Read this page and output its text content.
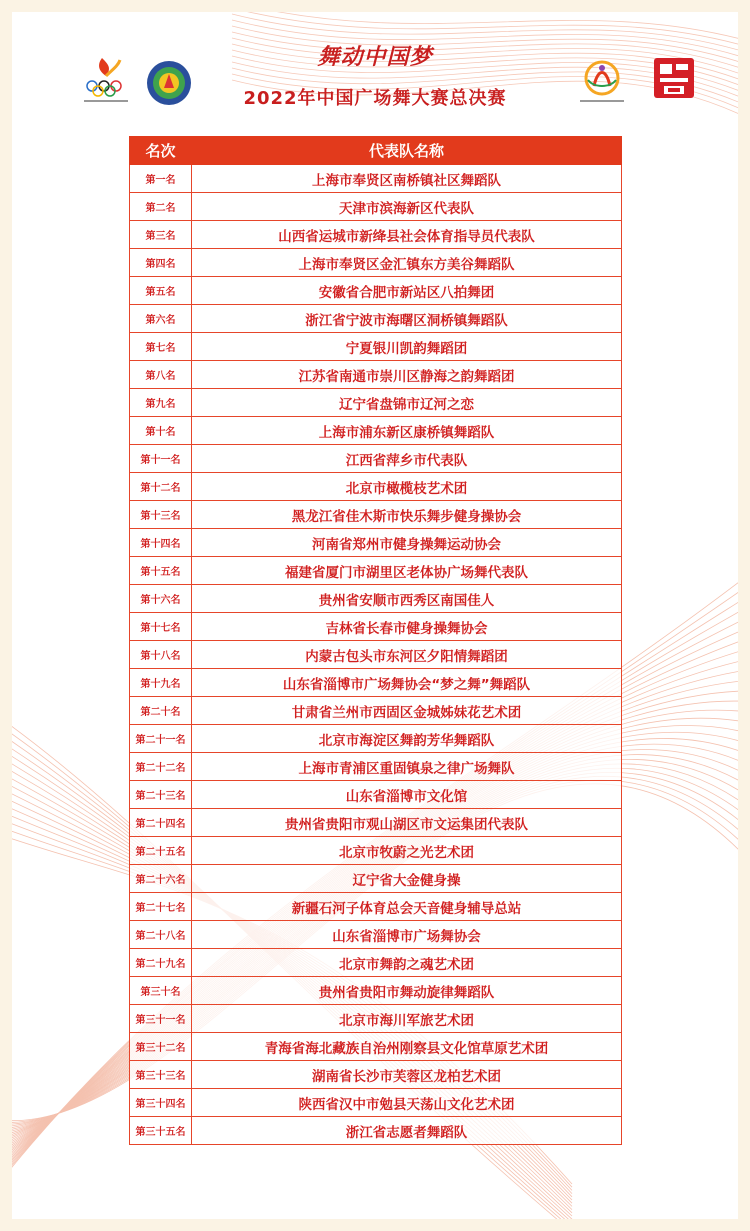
舞动中国梦
2022年中国广场舞大赛总决赛
名次	代表队名称
第一名	上海市奉贤区南桥镇社区舞蹈队
第二名	天津市滨海新区代表队
第三名	山西省运城市新绛县社会体育指导员代表队
第四名	上海市奉贤区金汇镇东方美谷舞蹈队
第五名	安徽省合肥市新站区八拍舞团
第六名	浙江省宁波市海曙区洞桥镇舞蹈队
第七名	宁夏银川凯韵舞蹈团
第八名	江苏省南通市崇川区静海之韵舞蹈团
第九名	辽宁省盘锦市辽河之恋
第十名	上海市浦东新区康桥镇舞蹈队
第十一名	江西省萍乡市代表队
第十二名	北京市橄榄枝艺术团
第十三名	黑龙江省佳木斯市快乐舞步健身操协会
第十四名	河南省郑州市健身操舞运动协会
第十五名	福建省厦门市湖里区老体协广场舞代表队
第十六名	贵州省安顺市西秀区南国佳人
第十七名	吉林省长春市健身操舞协会
第十八名	内蒙古包头市东河区夕阳情舞蹈团
第十九名	山东省淄博市广场舞协会“梦之舞”舞蹈队
第二十名	甘肃省兰州市西固区金城姊妹花艺术团
第二十一名	北京市海淀区舞韵芳华舞蹈队
第二十二名	上海市青浦区重固镇泉之律广场舞队
第二十三名	山东省淄博市文化馆
第二十四名	贵州省贵阳市观山湖区市文运集团代表队
第二十五名	北京市牧蔚之光艺术团
第二十六名	辽宁省大金健身操
第二十七名	新疆石河子体育总会天音健身辅导总站
第二十八名	山东省淄博市广场舞协会
第二十九名	北京市舞韵之魂艺术团
第三十名	贵州省贵阳市舞动旋律舞蹈队
第三十一名	北京市海川军旅艺术团
第三十二名	青海省海北藏族自治州刚察县文化馆草原艺术团
第三十三名	湖南省长沙市芙蓉区龙柏艺术团
第三十四名	陕西省汉中市勉县天荡山文化艺术团
第三十五名	浙江省志愿者舞蹈队
